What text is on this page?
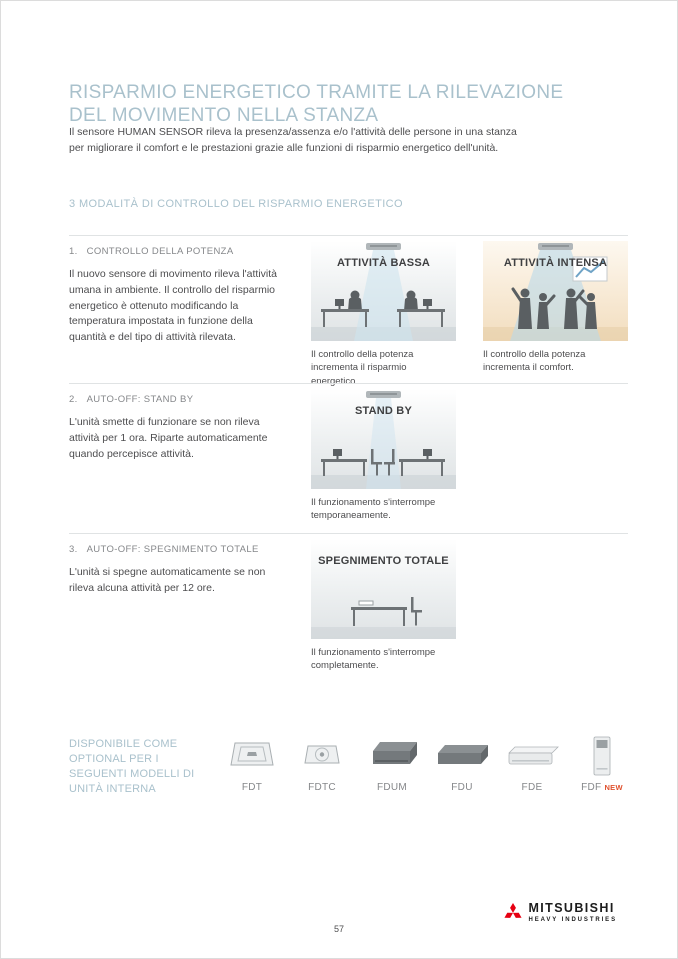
RISPARMIO ENERGETICO TRAMITE LA RILEVAZIONE
DEL MOVIMENTO NELLA STANZA

Il sensore HUMAN SENSOR rileva la presenza/assenza e/o l'attività delle persone in una stanza per migliorare il comfort e le prestazioni grazie alle funzioni di risparmio energetico dell'unità.

3 MODALITÀ DI CONTROLLO DEL RISPARMIO ENERGETICO
1. CONTROLLO DELLA POTENZA

Il nuovo sensore di movimento rileva l'attività umana in ambiente. Il controllo del risparmio energetico è ottenuto modificando la temperatura impostata in funzione della quantità e del tipo di attività rilevata.

ATTIVITÀ BASSA
Il controllo della potenza incrementa il risparmio energetico.
ATTIVITÀ INTENSA
Il controllo della potenza incrementa il comfort.
2. AUTO-OFF: STAND BY

L'unità smette di funzionare se non rileva attività per 1 ora. Riparte automaticamente quando percepisce attività.

STAND BY
Il funzionamento s'interrompe temporaneamente.
3. AUTO-OFF: SPEGNIMENTO TOTALE

L'unità si spegne automaticamente se non rileva alcuna attività per 12 ore.

SPEGNIMENTO TOTALE
Il funzionamento s'interrompe completamente.
DISPONIBILE COME OPTIONAL PER I SEGUENTI MODELLI DI UNITÀ INTERNA	FDT	FDTC	FDUM	FDU	FDE	FDF NEW
57
MITSUBISHI
HEAVY INDUSTRIES
